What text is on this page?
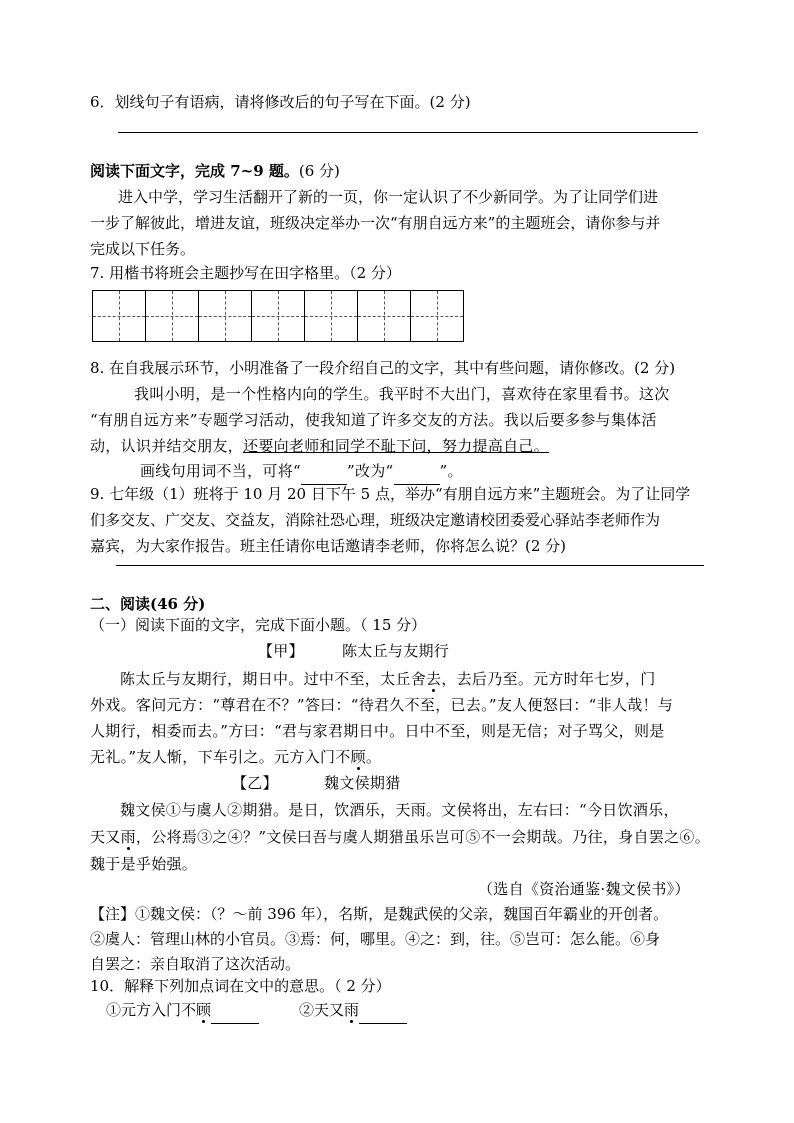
6．划线句子有语病，请将修改后的句子写在下面。(2 分)
阅读下面文字，完成 7~9 题。(6 分)
进入中学，学习生活翻开了新的一页，你一定认识了不少新同学。为了让同学们进
一步了解彼此，增进友谊，班级决定举办一次“有朋自远方来”的主题班会，请你参与并
完成以下任务。
7. 用楷书将班会主题抄写在田字格里。（2 分）
8. 在自我展示环节，小明准备了一段介绍自己的文字，其中有些问题，请你修改。(2 分)
我叫小明，是一个性格内向的学生。我平时不大出门，喜欢待在家里看书。这次
“有朋自远方来”专题学习活动，使我知道了许多交友的方法。我以后要多参与集体活
动，认识并结交朋友，还要向老师和同学不耻下问，努力提高自己。
画线句用词不当，可将“	”改为“	”。
9. 七年级（1）班将于 10 月 20 日下午 5 点，举办“有朋自远方来”主题班会。为了让同学
们多交友、广交友、交益友，消除社恐心理，班级决定邀请校团委爱心驿站李老师作为
嘉宾，为大家作报告。班主任请你电话邀请李老师，你将怎么说？(2 分)
二、阅读(46 分)
（一）阅读下面的文字，完成下面小题。（ 15 分）
【甲】	陈太丘与友期行
陈太丘与友期行，期日中。过中不至，太丘舍去，去后乃至。元方时年七岁，门
外戏。客问元方：“尊君在不？”答曰：“待君久不至，已去。”友人便怒曰：“非人哉！与
人期行，相委而去。”方曰：“君与家君期日中。日中不至，则是无信；对子骂父，则是
无礼。”友人惭，下车引之。元方入门不顾。
【乙】	魏文侯期猎
魏文侯①与虞人②期猎。是日，饮酒乐，天雨。文侯将出，左右曰：“今日饮酒乐，
天又雨，公将焉③之④？”文侯曰吾与虞人期猎虽乐岂可⑤不一会期哉。乃往，身自罢之⑥。
魏于是乎始强。
（选自《资治通鉴·魏文侯书》）
【注】①魏文侯：（？～前 396 年），名斯，是魏武侯的父亲，魏国百年霸业的开创者。
②虞人：管理山林的小官员。③焉：何，哪里。④之：到，往。⑤岂可：怎么能。⑥身
自罢之：亲自取消了这次活动。
10．解释下列加点词在文中的意思。（ 2 分）
①元方入门不顾	②天又雨
